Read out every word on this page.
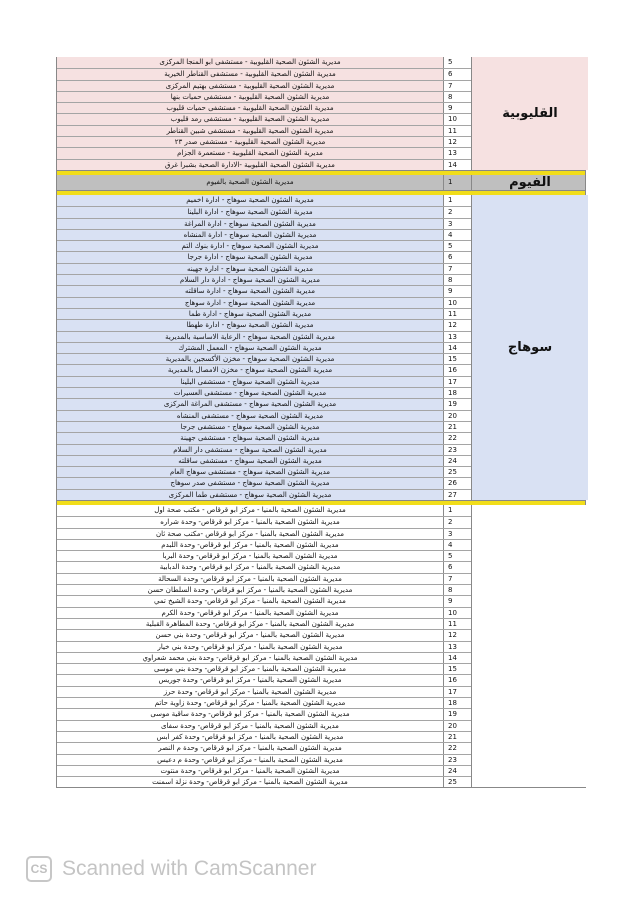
مديرية الشئون الصحية القليوبية - مستشفى ابو المنجا المركزى	5
مديرية الشئون الصحية القليوبية - مستشفى القناطر الخيرية	6
مديرية الشئون الصحية القليوبية - مستشفى بهتيم المركزى	7
مديرية الشئون الصحية القليوبية - مستشفى حميات بنها	8
مديرية الشئون الصحية القليوبية - مستشفى حميات قليوب	9
مديرية الشئون الصحية القليوبية - مستشفى رمد قليوب	10
مديرية الشئون الصحية القليوبية - مستشفى شبين القناطر	11
مديرية الشئون الصحية القليوبية - مستشفى صدر ٢٣	12
مديرية الشئون الصحية القليوبية - مستعمرة الجزام	13
مديرية الشئون الصحية القليوبية -الادارة الصحية بشبرا غرق	14
القليوبية
مديرية الشئون الصحية بالفيوم	1	الفيوم
مديرية الشئون الصحية سوهاج - ادارة اخميم	1
مديرية الشئون الصحية سوهاج - ادارة البلينا	2
مديرية الشئون الصحية سوهاج - ادارة المراغة	3
مديرية الشئون الصحية سوهاج - ادارة المنشاه	4
مديرية الشئون الصحية سوهاج - ادارة بنوك التم	5
مديرية الشئون الصحية سوهاج - ادارة جرجا	6
مديرية الشئون الصحية سوهاج - ادارة جهينه	7
مديرية الشئون الصحية سوهاج - ادارة دار السلام	8
مديرية الشئون الصحية سوهاج - ادارة ساقلته	9
مديرية الشئون الصحية سوهاج - ادارة سوهاج	10
مديرية الشئون الصحية سوهاج - ادارة طما	11
مديرية الشئون الصحية سوهاج - ادارة طهطا	12
مديرية الشئون الصحية سوهاج - الرعاية الاساسية بالمديرية	13
مديرية الشئون الصحية سوهاج - المعمل المشترك	14
مديرية الشئون الصحية سوهاج - مخزن الأكسجين بالمديرية	15
مديرية الشئون الصحية سوهاج - مخزن الامصال بالمديرية	16
مديرية الشئون الصحية سوهاج - مستشفى البلينا	17
مديرية الشئون الصحية سوهاج - مستشفى العسيرات	18
مديرية الشئون الصحية سوهاج - مستشفى المراغة المركزى	19
مديرية الشئون الصحية سوهاج - مستشفى المنشاه	20
مديرية الشئون الصحية سوهاج - مستشفى جرجا	21
مديرية الشئون الصحية سوهاج - مستشفى جهينة	22
مديرية الشئون الصحية سوهاج - مستشفى دار السلام	23
مديرية الشئون الصحية سوهاج - مستشفى ساقلته	24
مديرية الشئون الصحية سوهاج - مستشفى سوهاج العام	25
مديرية الشئون الصحية سوهاج - مستشفى صدر سوهاج	26
مديرية الشئون الصحية سوهاج - مستشفى طما المركزى	27
سوهاج
مديرية الشئون الصحية بالمنيا - مركز ابو قرقاص - مكتب صحة اول	1
مديرية الشئون الصحية بالمنيا - مركز ابو قرقاص- وحدة شراره	2
مديرية الشئون الصحية بالمنيا - مركز ابو قرقاص -مكتب صحة ثان	3
مديرية الشئون الصحية بالمنيا - مركز ابو قرقاص- وحدة اللبدم	4
مديرية الشئون الصحية بالمنيا - مركز ابو قرقاص- وحدة البربا	5
مديرية الشئون الصحية بالمنيا - مركز ابو قرقاص- وحدة الدبابية	6
مديرية الشئون الصحية بالمنيا - مركز ابو قرقاص- وحدة السحالة	7
مديرية الشئون الصحية بالمنيا - مركز ابو قرقاص- وحدة السلطان حسن	8
مديرية الشئون الصحية بالمنيا - مركز ابو قرقاص- وحدة الشيخ تمي	9
مديرية الشئون الصحية بالمنيا - مركز ابو قرقاص- وحدة الكرم	10
مديرية الشئون الصحية بالمنيا - مركز ابو قرقاص- وحدة المطاهرة القبلية	11
مديرية الشئون الصحية بالمنيا - مركز ابو قرقاص- وحدة بني حسن	12
مديرية الشئون الصحية بالمنيا - مركز ابو قرقاص- وحدة بني خيار	13
مديرية الشئون الصحية بالمنيا - مركز ابو قرقاص- وحدة بني محمد شعراوي	14
مديرية الشئون الصحية بالمنيا - مركز ابو قرقاص- وحدة بني موسى	15
مديرية الشئون الصحية بالمنيا - مركز ابو قرقاص- وحدة جوريس	16
مديرية الشئون الصحية بالمنيا - مركز ابو قرقاص- وحدة حرز	17
مديرية الشئون الصحية بالمنيا - مركز ابو قرقاص- وحدة زاوية حاتم	18
مديرية الشئون الصحية بالمنيا - مركز ابو قرقاص- وحدة ساقية موسى	19
مديرية الشئون الصحية بالمنيا - مركز ابو قرقاص- وحدة سفاى	20
مديرية الشئون الصحية بالمنيا - مركز ابو قرقاص- وحدة كفر ابس	21
مديرية الشئون الصحية بالمنيا - مركز ابو قرقاص- وحدة م النصر	22
مديرية الشئون الصحية بالمنيا - مركز ابو قرقاص- وحدة م دعيس	23
مديرية الشئون الصحية بالمنيا - مركز ابو قرقاص- وحدة منتوت	24
مديرية الشئون الصحية بالمنيا - مركز ابو قرقاص- وحدة نزلة اسمنت	25
CS Scanned with CamScanner
